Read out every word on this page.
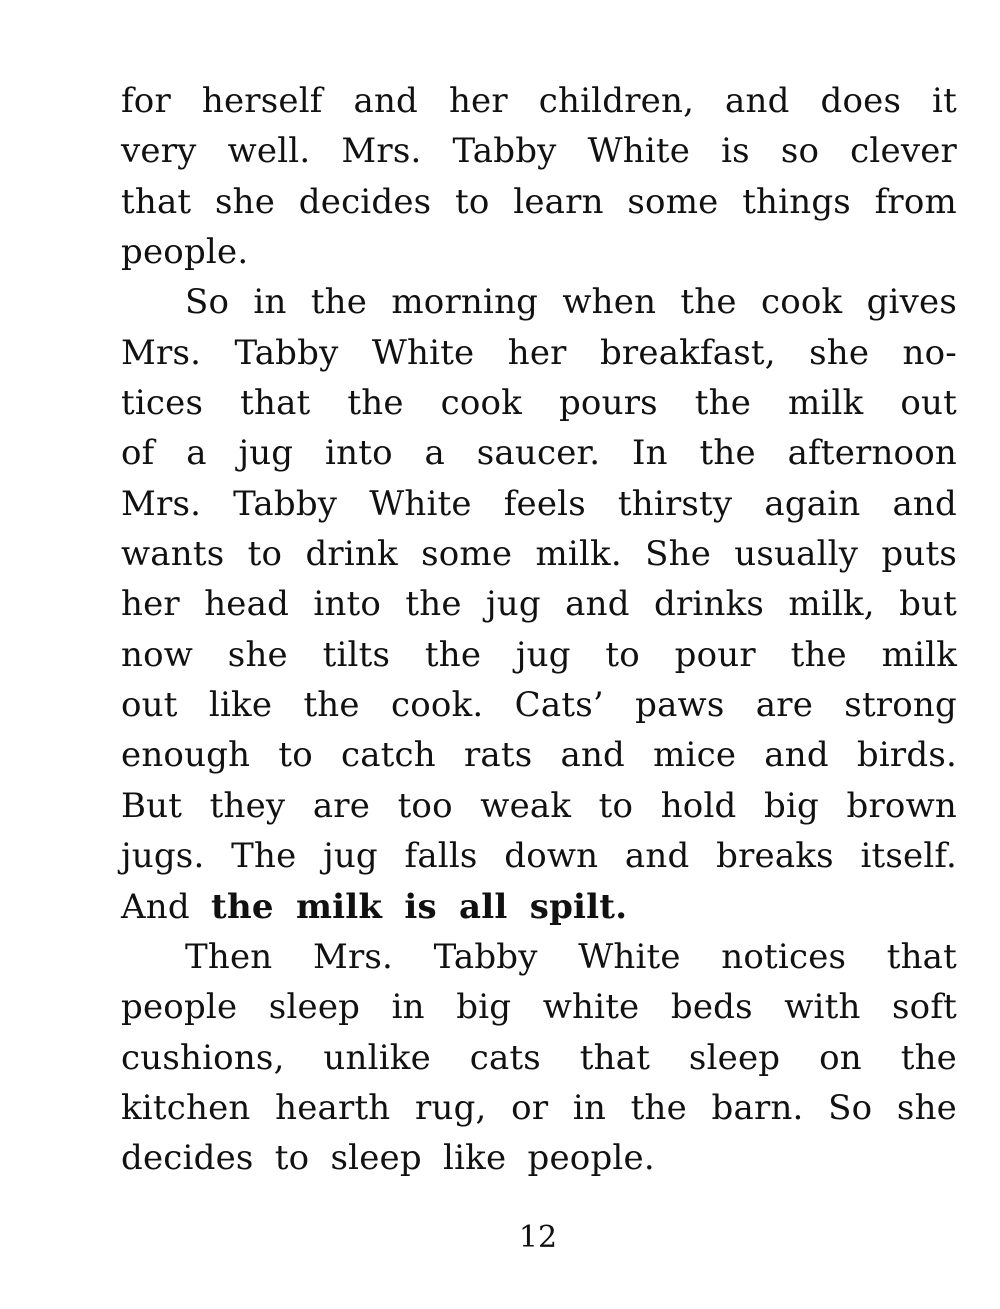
for herself and her children, and does it
very well. Mrs. Tabby White is so clever
that she decides to learn some things from
people.
So in the morning when the cook gives
Mrs. Tabby White her breakfast, she no-
tices that the cook pours the milk out
of a jug into a saucer. In the afternoon
Mrs. Tabby White feels thirsty again and
wants to drink some milk. She usually puts
her head into the jug and drinks milk, but
now she tilts the jug to pour the milk
out like the cook. Cats’ paws are strong
enough to catch rats and mice and birds.
But they are too weak to hold big brown
jugs. The jug falls down and breaks itself.
And the milk is all spilt.
Then Mrs. Tabby White notices that
people sleep in big white beds with soft
cushions, unlike cats that sleep on the
kitchen hearth rug, or in the barn. So she
decides to sleep like people.
12
